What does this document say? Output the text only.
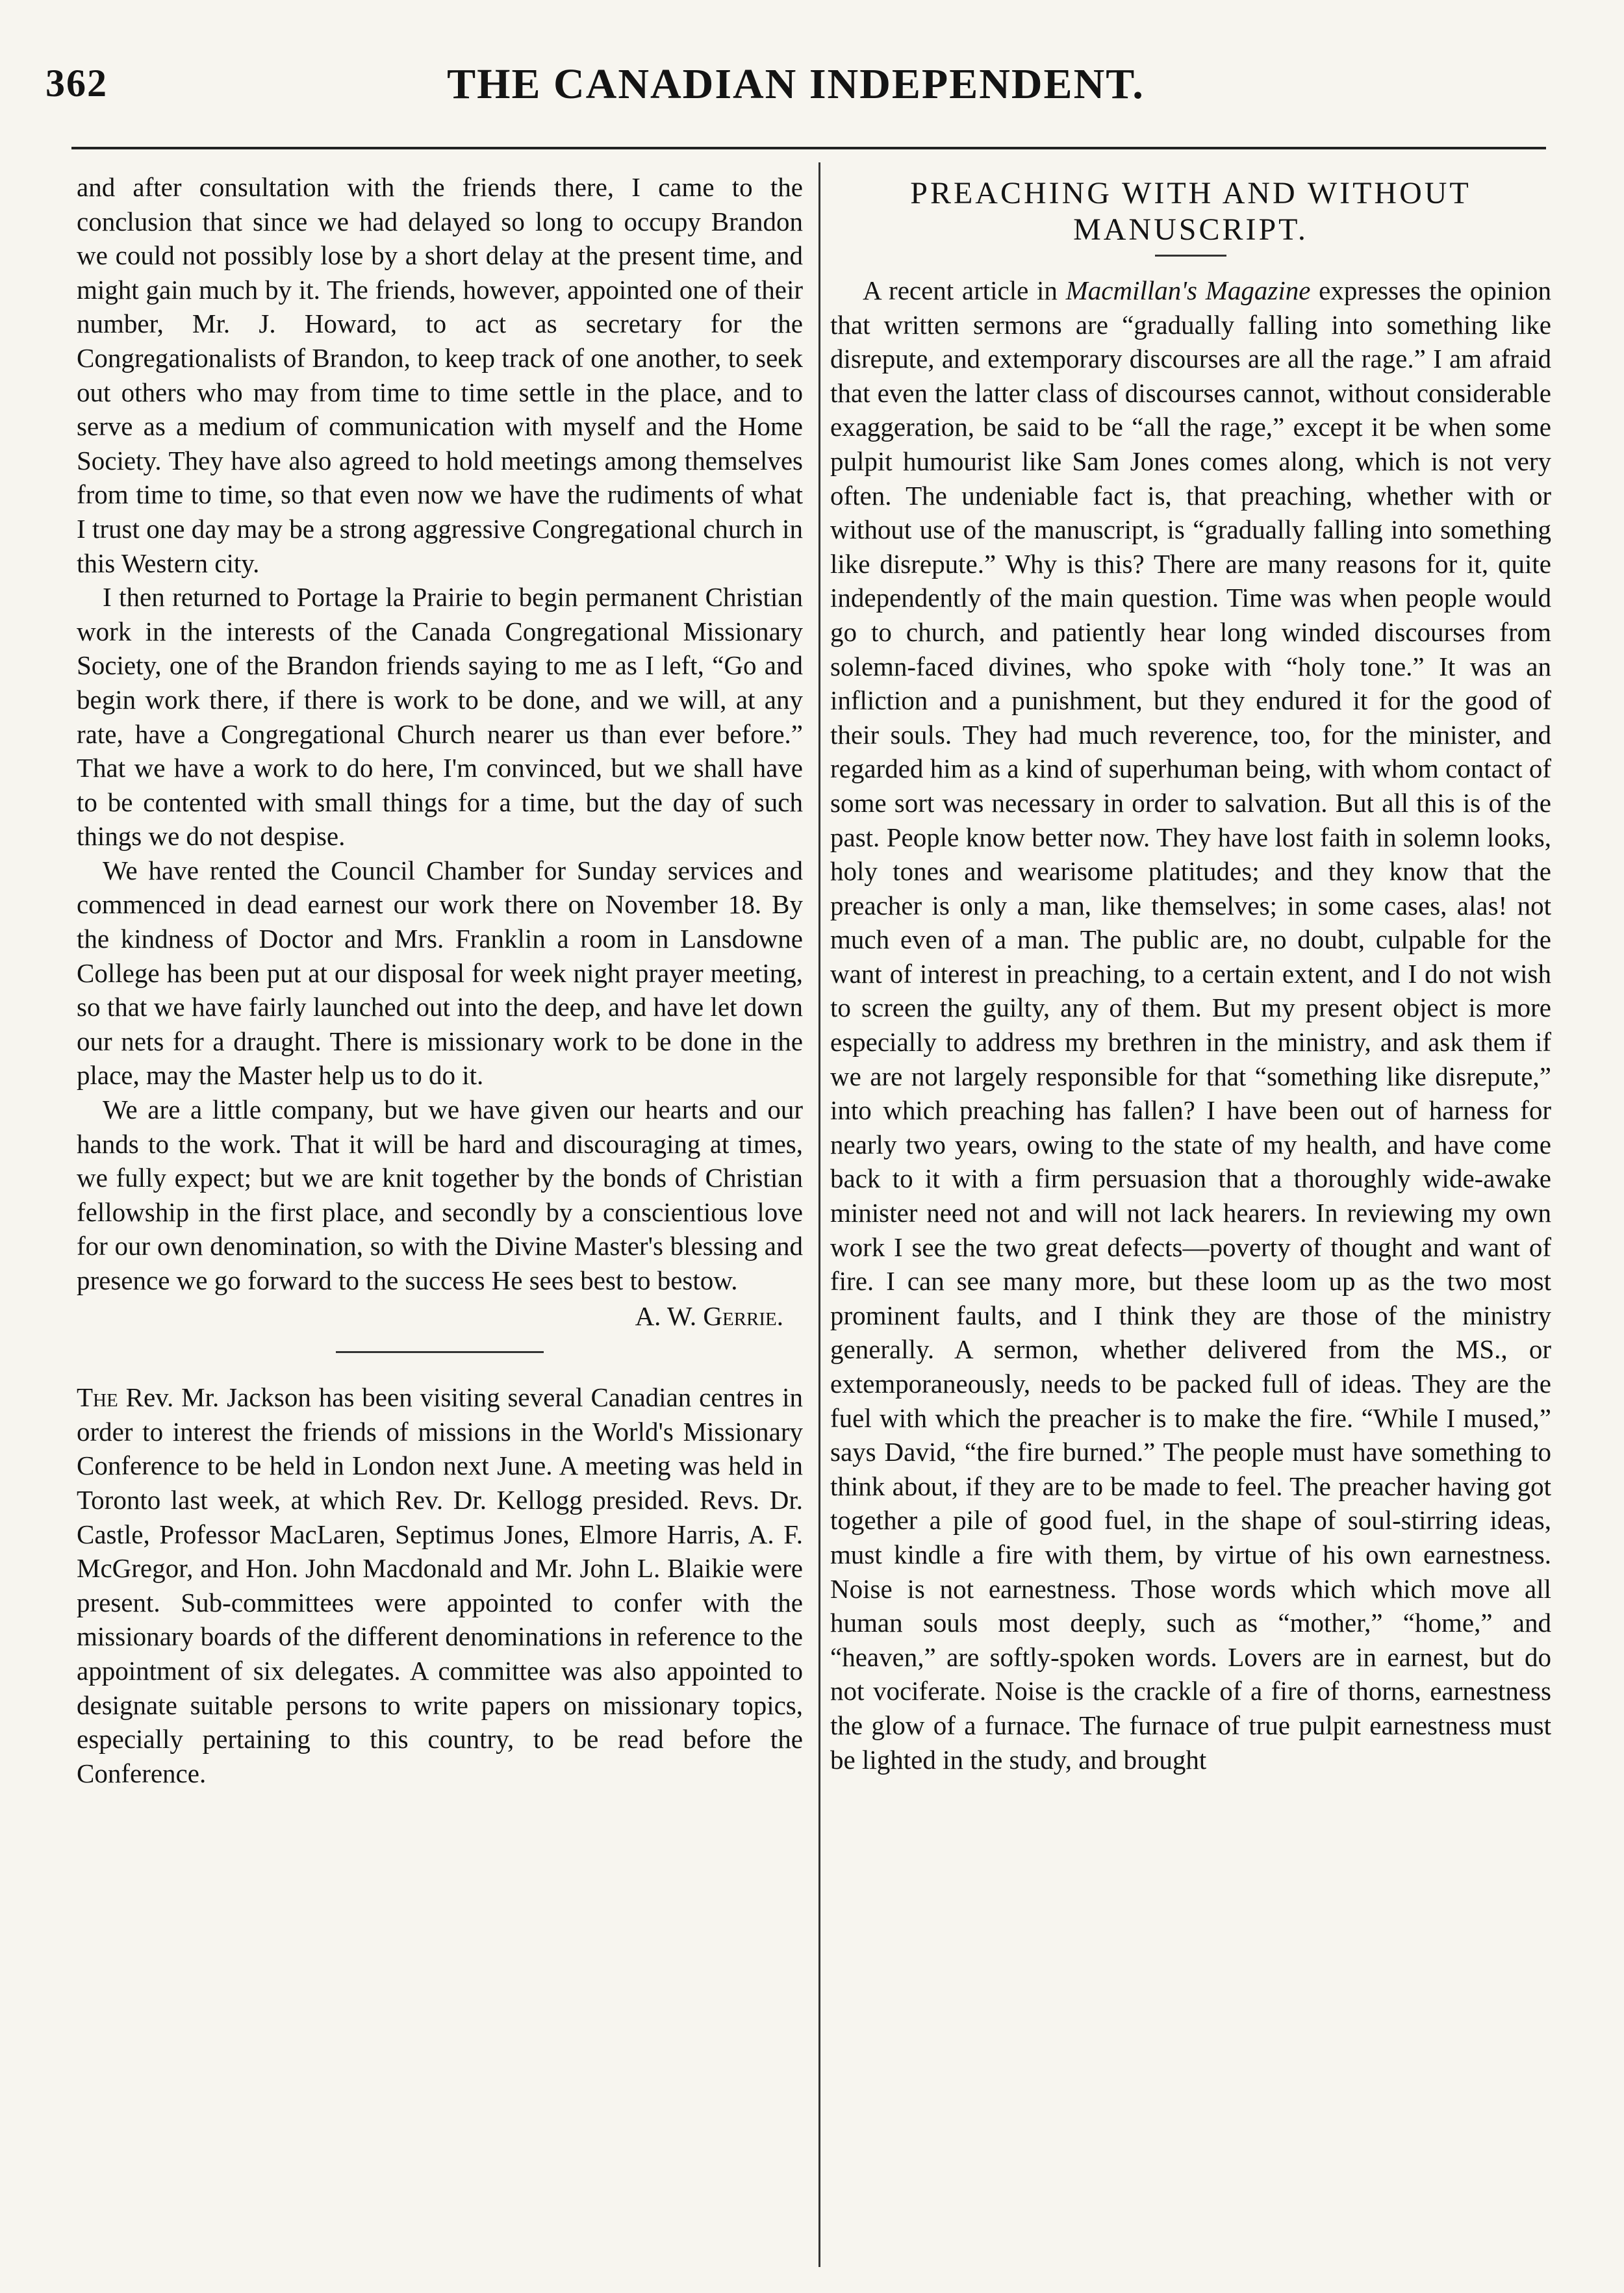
362	THE CANADIAN INDEPENDENT.

and after consultation with the friends there, I came to the conclusion that since we had delayed so long to occupy Brandon we could not possibly lose by a short delay at the present time, and might gain much by it. The friends, however, appointed one of their number, Mr. J. Howard, to act as secretary for the Congregationalists of Brandon, to keep track of one another, to seek out others who may from time to time settle in the place, and to serve as a medium of communication with myself and the Home Society. They have also agreed to hold meetings among themselves from time to time, so that even now we have the rudiments of what I trust one day may be a strong aggressive Congregational church in this Western city.

I then returned to Portage la Prairie to begin permanent Christian work in the interests of the Canada Congregational Missionary Society, one of the Brandon friends saying to me as I left, “Go and begin work there, if there is work to be done, and we will, at any rate, have a Congregational Church nearer us than ever before.” That we have a work to do here, I'm convinced, but we shall have to be contented with small things for a time, but the day of such things we do not despise.

We have rented the Council Chamber for Sunday services and commenced in dead earnest our work there on November 18. By the kindness of Doctor and Mrs. Franklin a room in Lansdowne College has been put at our disposal for week night prayer meeting, so that we have fairly launched out into the deep, and have let down our nets for a draught. There is missionary work to be done in the place, may the Master help us to do it.

We are a little company, but we have given our hearts and our hands to the work. That it will be hard and discouraging at times, we fully expect; but we are knit together by the bonds of Christian fellowship in the first place, and secondly by a conscientious love for our own denomination, so with the Divine Master's blessing and presence we go forward to the success He sees best to bestow.

A. W. Gerrie.

The Rev. Mr. Jackson has been visiting several Canadian centres in order to interest the friends of missions in the World's Missionary Conference to be held in London next June. A meeting was held in Toronto last week, at which Rev. Dr. Kellogg presided. Revs. Dr. Castle, Professor MacLaren, Septimus Jones, Elmore Harris, A. F. McGregor, and Hon. John Macdonald and Mr. John L. Blaikie were present. Sub-committees were appointed to confer with the missionary boards of the different denominations in reference to the appointment of six delegates. A committee was also appointed to designate suitable persons to write papers on missionary topics, especially pertaining to this country, to be read before the Conference.

PREACHING WITH AND WITHOUT MANUSCRIPT.

A recent article in Macmillan's Magazine expresses the opinion that written sermons are “gradually falling into something like disrepute, and extemporary discourses are all the rage.” I am afraid that even the latter class of discourses cannot, without considerable exaggeration, be said to be “all the rage,” except it be when some pulpit humourist like Sam Jones comes along, which is not very often. The undeniable fact is, that preaching, whether with or without use of the manuscript, is “gradually falling into something like disrepute.” Why is this? There are many reasons for it, quite independently of the main question. Time was when people would go to church, and patiently hear long winded discourses from solemn-faced divines, who spoke with “holy tone.” It was an infliction and a punishment, but they endured it for the good of their souls. They had much reverence, too, for the minister, and regarded him as a kind of superhuman being, with whom contact of some sort was necessary in order to salvation. But all this is of the past. People know better now. They have lost faith in solemn looks, holy tones and wearisome platitudes; and they know that the preacher is only a man, like themselves; in some cases, alas! not much even of a man. The public are, no doubt, culpable for the want of interest in preaching, to a certain extent, and I do not wish to screen the guilty, any of them. But my present object is more especially to address my brethren in the ministry, and ask them if we are not largely responsible for that “something like disrepute,” into which preaching has fallen? I have been out of harness for nearly two years, owing to the state of my health, and have come back to it with a firm persuasion that a thoroughly wide-awake minister need not and will not lack hearers. In reviewing my own work I see the two great defects—poverty of thought and want of fire. I can see many more, but these loom up as the two most prominent faults, and I think they are those of the ministry generally. A sermon, whether delivered from the MS., or extemporaneously, needs to be packed full of ideas. They are the fuel with which the preacher is to make the fire. “While I mused,” says David, “the fire burned.” The people must have something to think about, if they are to be made to feel. The preacher having got together a pile of good fuel, in the shape of soul-stirring ideas, must kindle a fire with them, by virtue of his own earnestness. Noise is not earnestness. Those words which which move all human souls most deeply, such as “mother,” “home,” and “heaven,” are softly-spoken words. Lovers are in earnest, but do not vociferate. Noise is the crackle of a fire of thorns, earnestness the glow of a furnace. The furnace of true pulpit earnestness must be lighted in the study, and brought
